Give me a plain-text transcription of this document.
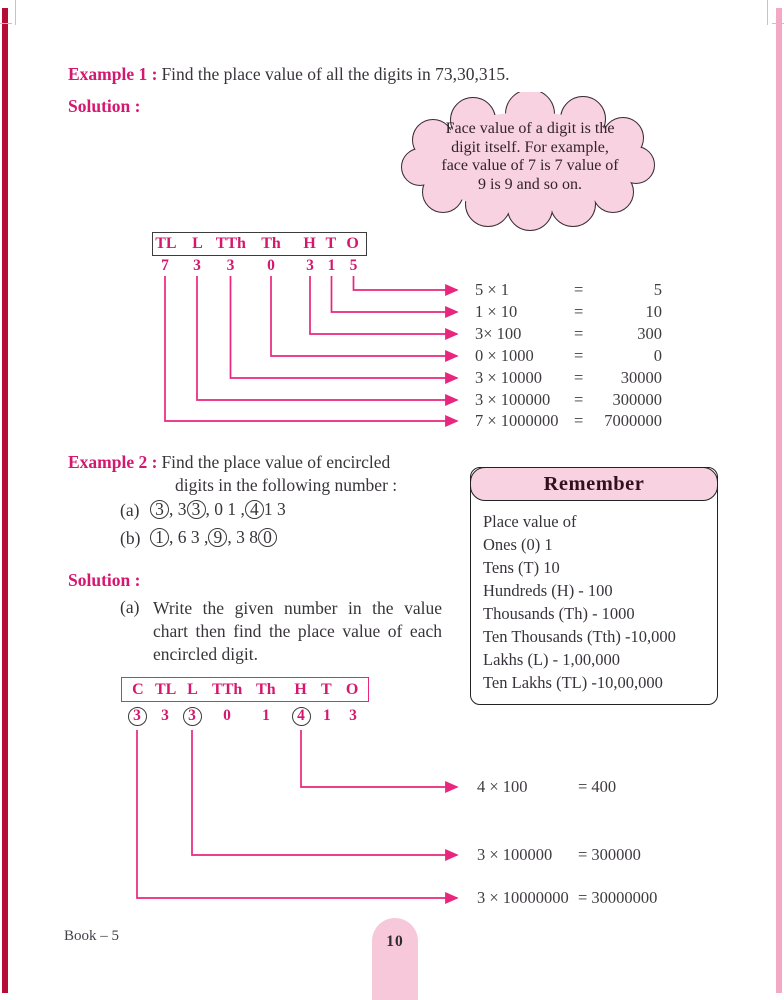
Example 1 : Find the place value of all the digits in 73,30,315.
Solution :
Face value of a digit is the
digit itself. For example,
face value of 7 is 7 value of
9 is 9 and so on.
TL L TTh Th	H T O
7	3	3	0	3 1 5
5 × 1	=	5
1 × 10	=	10
3× 100	=	300
0 × 1000 =	0
3 × 10000 = 30000
3 × 100000 = 300000
7 × 1000000 = 7000000
Example 2 : Find the place value of encircled
digits in the following number :
(a) 3 , 3 3 , 0 1 , 4 1 3
(b) 1 , 6 3 , 9 , 3 8 0
Solution :
(a) Write the given number in the value chart then find the place value of each encircled digit.
C TL L TTh Th	H T O
3	3	3	0	1	4	1	3
4 × 100	= 400
3 × 100000 = 300000
3 × 10000000 = 30000000
Place value of
Ones (0) 1
Tens (T) 10
Hundreds (H) - 100
Thousands (Th) - 1000
Ten Thousands (Tth) -10,000
Lakhs (L) - 1,00,000
Ten Lakhs (TL) -10,00,000
Remember
Book – 5	10
